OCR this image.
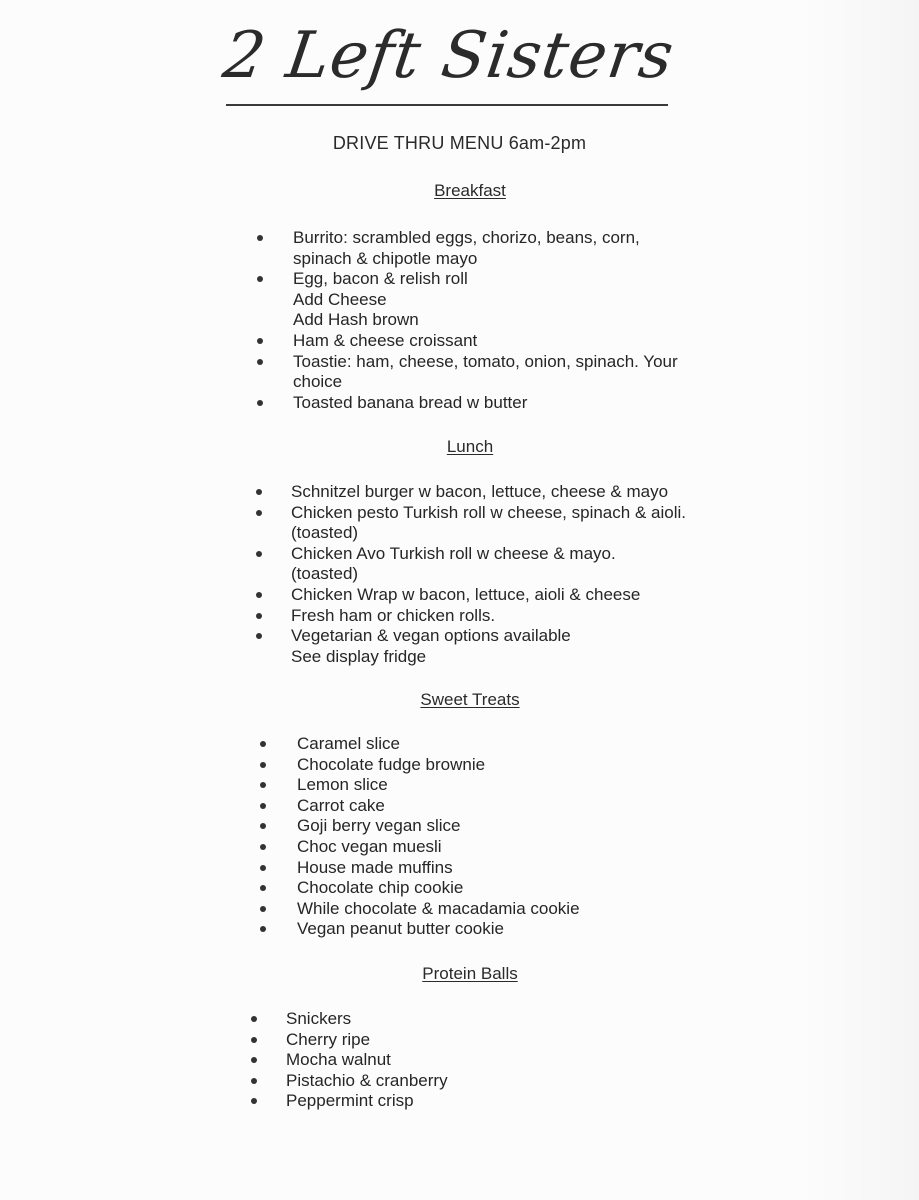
2 Left Sisters
DRIVE THRU MENU 6am-2pm
Breakfast
Burrito: scrambled eggs, chorizo, beans, corn,
spinach & chipotle mayo
Egg, bacon & relish roll
Add Cheese
Add Hash brown
Ham & cheese croissant
Toastie: ham, cheese, tomato, onion, spinach. Your
choice
Toasted banana bread w butter
Lunch
Schnitzel burger w bacon, lettuce, cheese & mayo
Chicken pesto Turkish roll w cheese, spinach & aioli.
(toasted)
Chicken Avo Turkish roll w cheese & mayo.
(toasted)
Chicken Wrap w bacon, lettuce, aioli & cheese
Fresh ham or chicken rolls.
Vegetarian & vegan options available
See display fridge
Sweet Treats
Caramel slice
Chocolate fudge brownie
Lemon slice
Carrot cake
Goji berry vegan slice
Choc vegan muesli
House made muffins
Chocolate chip cookie
While chocolate & macadamia cookie
Vegan peanut butter cookie
Protein Balls
Snickers
Cherry ripe
Mocha walnut
Pistachio & cranberry
Peppermint crisp
